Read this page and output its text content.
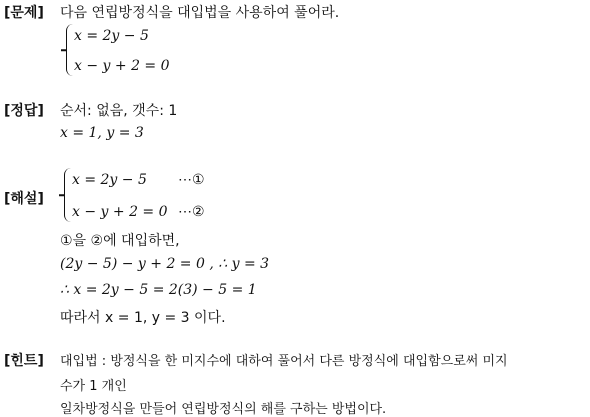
[문제] 다음 연립방정식을 대입법을 사용하여 풀어라.
x = 2y − 5
x − y + 2 = 0
[정답] 순서: 없음, 갯수: 1
x = 1, y = 3
[해설]
x = 2y − 5 ⋯①
x − y + 2 = 0 ⋯②
①을 ②에 대입하면,
(2y − 5) − y + 2 = 0 , ∴ y = 3
∴ x = 2y − 5 = 2(3) − 5 = 1
따라서 x = 1, y = 3 이다.
[힌트] 대입법 : 방정식을 한 미지수에 대하여 풀어서 다른 방정식에 대입함으로써 미지
수가 1 개인
일차방정식을 만들어 연립방정식의 해를 구하는 방법이다.
